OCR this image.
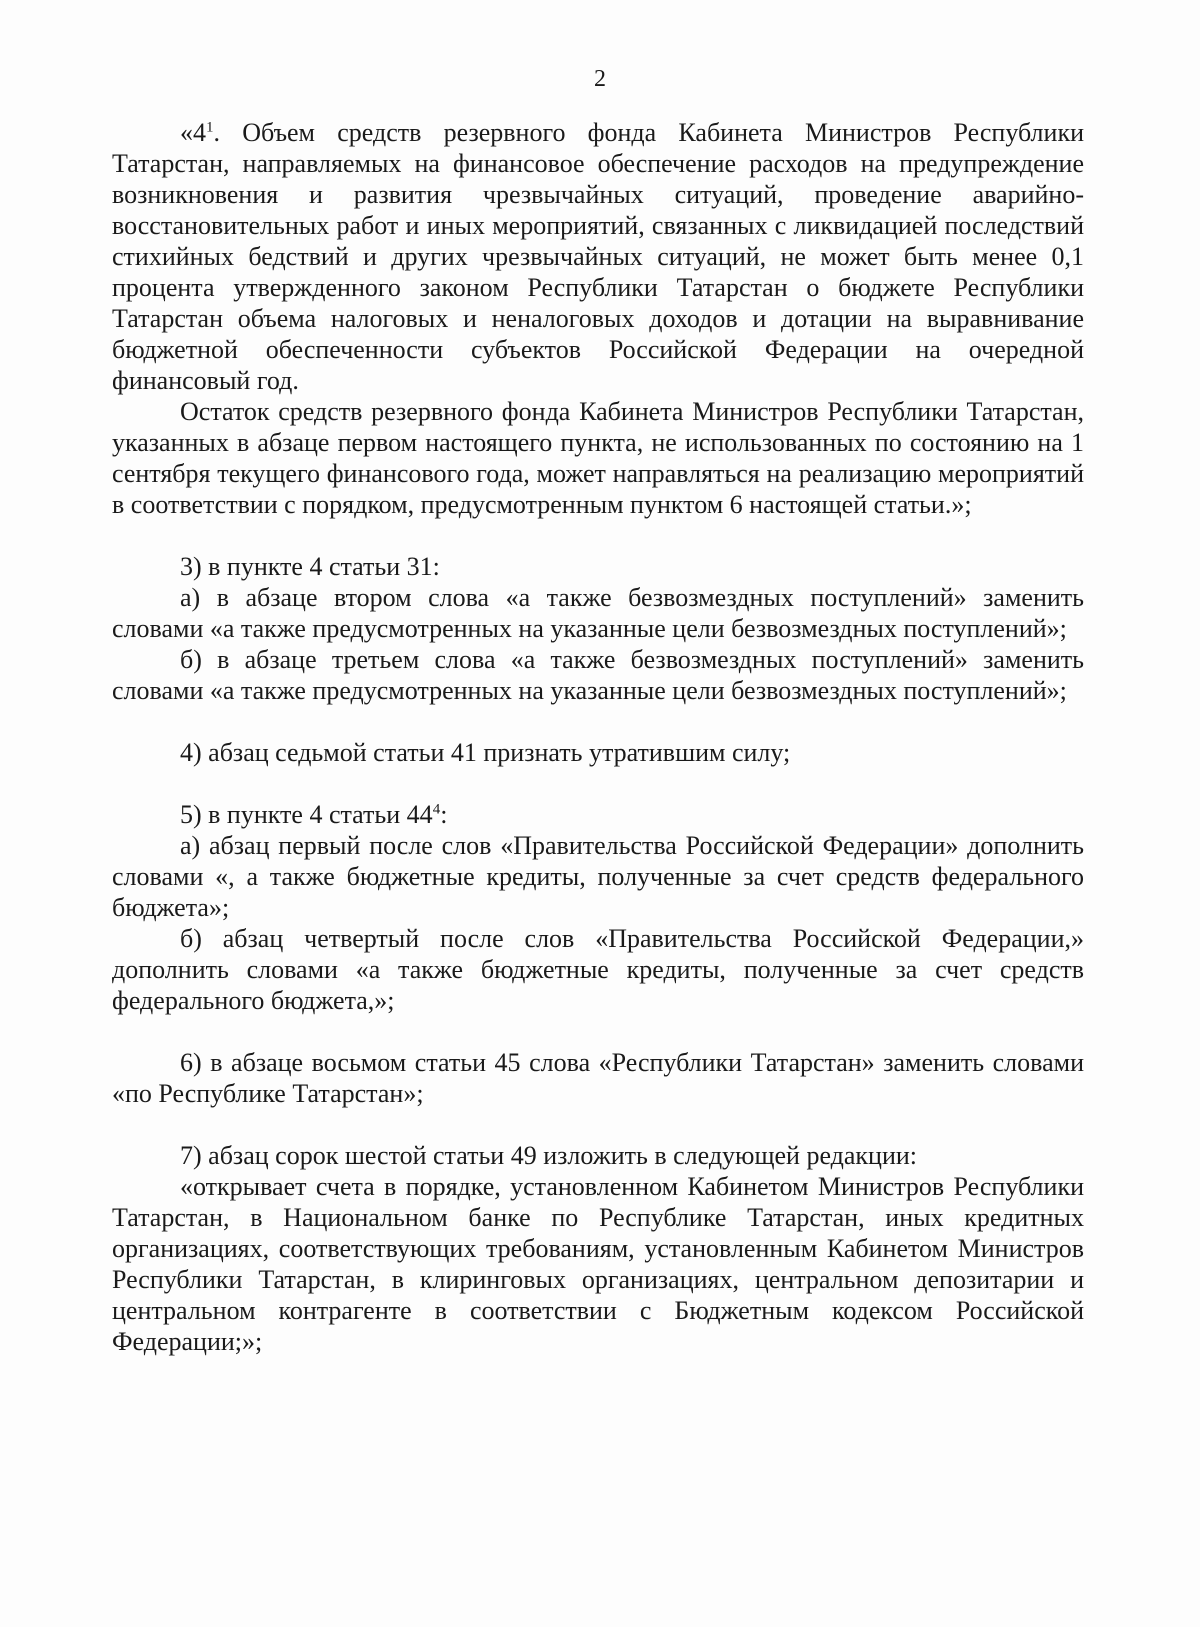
2

«$4^1$. Объем средств резервного фонда Кабинета Министров Республики Татарстан, направляемых на финансовое обеспечение расходов на предупреждение возникновения и развития чрезвычайных ситуаций, проведение аварийно-восстановительных работ и иных мероприятий, связанных с ликвидацией последствий стихийных бедствий и других чрезвычайных ситуаций, не может быть менее 0,1 процента утвержденного законом Республики Татарстан о бюджете Республики Татарстан объема налоговых и неналоговых доходов и дотации на выравнивание бюджетной обеспеченности субъектов Российской Федерации на очередной финансовый год.

Остаток средств резервного фонда Кабинета Министров Республики Татарстан, указанных в абзаце первом настоящего пункта, не использованных по состоянию на 1 сентября текущего финансового года, может направляться на реализацию мероприятий в соответствии с порядком, предусмотренным пунктом 6 настоящей статьи.»;

3) в пункте 4 статьи 31:

а) в абзаце втором слова «а также безвозмездных поступлений» заменить словами «а также предусмотренных на указанные цели безвозмездных поступлений»;

б) в абзаце третьем слова «а также безвозмездных поступлений» заменить словами «а также предусмотренных на указанные цели безвозмездных поступлений»;

4) абзац седьмой статьи 41 признать утратившим силу;

5) в пункте 4 статьи $44^4$:

а) абзац первый после слов «Правительства Российской Федерации» дополнить словами «, а также бюджетные кредиты, полученные за счет средств федерального бюджета»;

б) абзац четвертый после слов «Правительства Российской Федерации,» дополнить словами «а также бюджетные кредиты, полученные за счет средств федерального бюджета,»;

6) в абзаце восьмом статьи 45 слова «Республики Татарстан» заменить словами «по Республике Татарстан»;

7) абзац сорок шестой статьи 49 изложить в следующей редакции:

«открывает счета в порядке, установленном Кабинетом Министров Республики Татарстан, в Национальном банке по Республике Татарстан, иных кредитных организациях, соответствующих требованиям, установленным Кабинетом Министров Республики Татарстан, в клиринговых организациях, центральном депозитарии и центральном контрагенте в соответствии с Бюджетным кодексом Российской Федерации;»;
